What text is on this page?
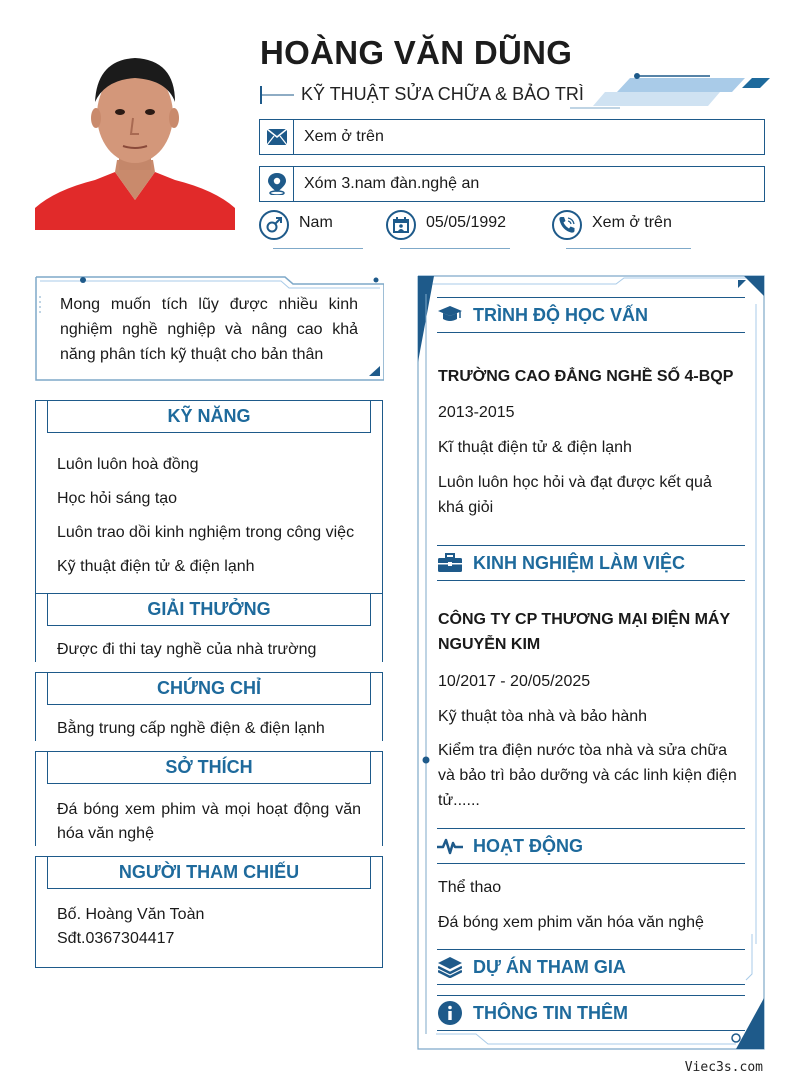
HOÀNG VĂN DŨNG
KỸ THUẬT SỬA CHỮA & BẢO TRÌ
Xem ở trên
Xóm 3.nam đàn.nghệ an
Nam	05/05/1992	Xem ở trên
Mong muốn tích lũy được nhiều kinh nghiệm nghề nghiệp và nâng cao khả năng phân tích kỹ thuật cho bản thân
KỸ NĂNG

Luôn luôn hoà đồng

Học hỏi sáng tạo

Luôn trao dồi kinh nghiệm trong công việc

Kỹ thuật điện tử & điện lạnh

GIẢI THƯỞNG

Được đi thi tay nghề của nhà trường

CHỨNG CHỈ

Bằng trung cấp nghề điện & điện lạnh

SỞ THÍCH

Đá bóng xem phim và mọi hoạt động văn hóa văn nghệ

NGƯỜI THAM CHIẾU

Bố. Hoàng Văn Toàn

Sđt.0367304417

TRÌNH ĐỘ HỌC VẤN
TRƯỜNG CAO ĐẲNG NGHỀ SỐ 4-BQP
2013-2015
Kĩ thuật điện tử & điện lạnh
Luôn luôn học hỏi và đạt được kết quả khá giỏi
KINH NGHIỆM LÀM VIỆC
CÔNG TY CP THƯƠNG MẠI ĐIỆN MÁY NGUYỄN KIM
10/2017 - 20/05/2025
Kỹ thuật tòa nhà và bảo hành
Kiểm tra điện nước tòa nhà và sửa chữa và bảo trì bảo dưỡng và các linh kiện điện tử......
HOẠT ĐỘNG
Thể thao
Đá bóng xem phim văn hóa văn nghệ
DỰ ÁN THAM GIA
THÔNG TIN THÊM
Viec3s.com
